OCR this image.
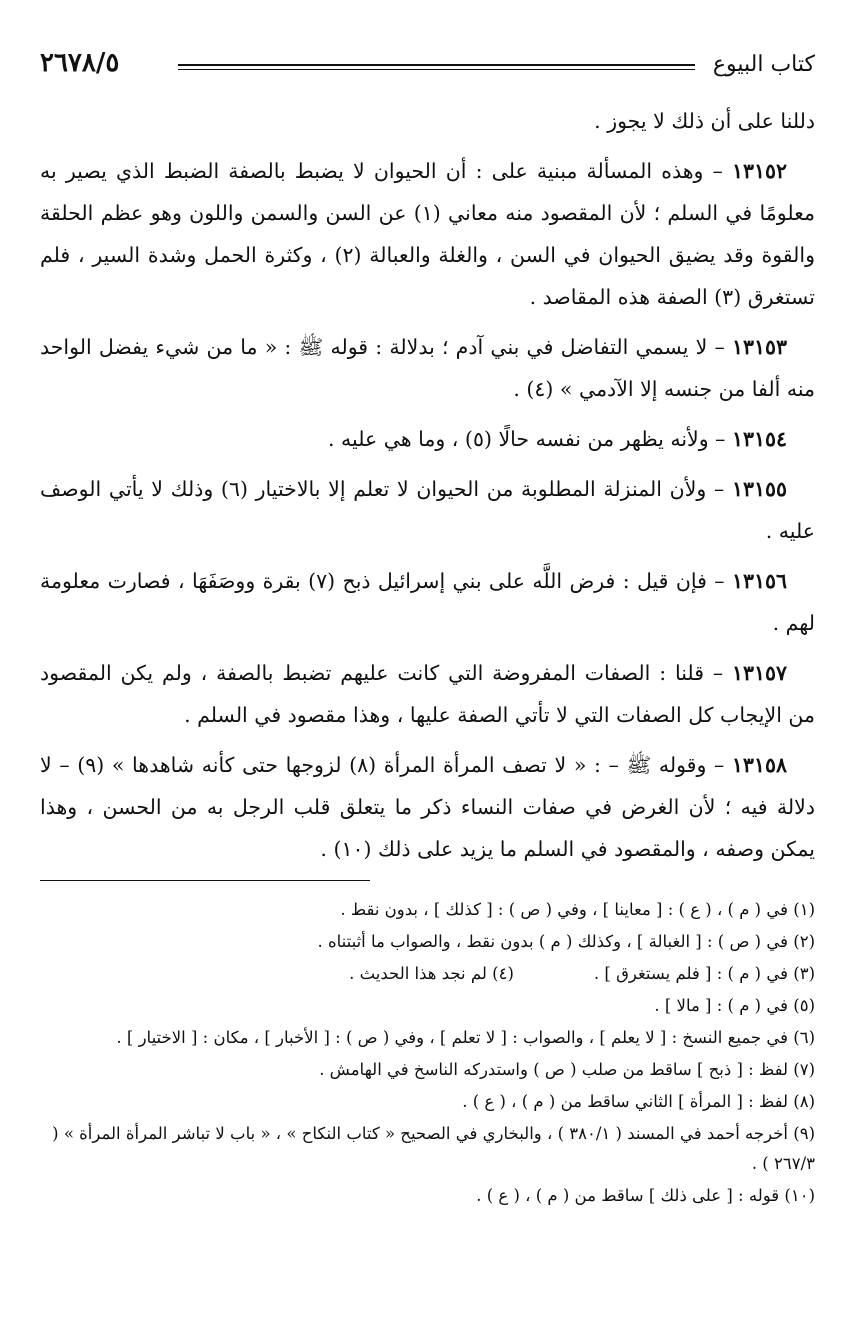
كتاب البيوع
٢٦٧٨/٥

دللنا على أن ذلك لا يجوز .

١٣١٥٢ – وهذه المسألة مبنية على : أن الحيوان لا يضبط بالصفة الضبط الذي يصير به معلومًا في السلم ؛ لأن المقصود منه معاني (١) عن السن والسمن واللون وهو عظم الحلقة والقوة وقد يضيق الحيوان في السن ، والغلة والعبالة (٢) ، وكثرة الحمل وشدة السير ، فلم تستغرق (٣) الصفة هذه المقاصد .

١٣١٥٣ – لا يسمي التفاضل في بني آدم ؛ بدلالة : قوله ﷺ : « ما من شيء يفضل الواحد منه ألفا من جنسه إلا الآدمي » (٤) .

١٣١٥٤ – ولأنه يظهر من نفسه حالًا (٥) ، وما هي عليه .

١٣١٥٥ – ولأن المنزلة المطلوبة من الحيوان لا تعلم إلا بالاختيار (٦) وذلك لا يأتي الوصف عليه .

١٣١٥٦ – فإن قيل : فرض اللَّه على بني إسرائيل ذبح (٧) بقرة ووصَفَهَا ، فصارت معلومة لهم .

١٣١٥٧ – قلنا : الصفات المفروضة التي كانت عليهم تضبط بالصفة ، ولم يكن المقصود من الإيجاب كل الصفات التي لا تأتي الصفة عليها ، وهذا مقصود في السلم .

١٣١٥٨ – وقوله ﷺ – : « لا تصف المرأة المرأة (٨) لزوجها حتى كأنه شاهدها » (٩) – لا دلالة فيه ؛ لأن الغرض في صفات النساء ذكر ما يتعلق قلب الرجل به من الحسن ، وهذا يمكن وصفه ، والمقصود في السلم ما يزيد على ذلك (١٠) .

(١) في ( م ) ، ( ع ) : [ معاينا ] ، وفي ( ص ) : [ كذلك ] ، بدون نقط .
(٢) في ( ص ) : [ الغبالة ] ، وكذلك ( م ) بدون نقط ، والصواب ما أثبتناه .
(٣) في ( م ) : [ فلم يستغرق ] .
(٤) لم نجد هذا الحديث .
(٥) في ( م ) : [ مالا ] .
(٦) في جميع النسخ : [ لا يعلم ] ، والصواب : [ لا تعلم ] ، وفي ( ص ) : [ الأخبار ] ، مكان : [ الاختيار ] .
(٧) لفظ : [ ذبح ] ساقط من صلب ( ص ) واستدركه الناسخ في الهامش .
(٨) لفظ : [ المرأة ] الثاني ساقط من ( م ) ، ( ع ) .
(٩) أخرجه أحمد في المسند ( ٣٨٠/١ ) ، والبخاري في الصحيح « كتاب النكاح » ، « باب لا تباشر المرأة المرأة » ( ٢٦٧/٣ ) .
(١٠) قوله : [ على ذلك ] ساقط من ( م ) ، ( ع ) .
